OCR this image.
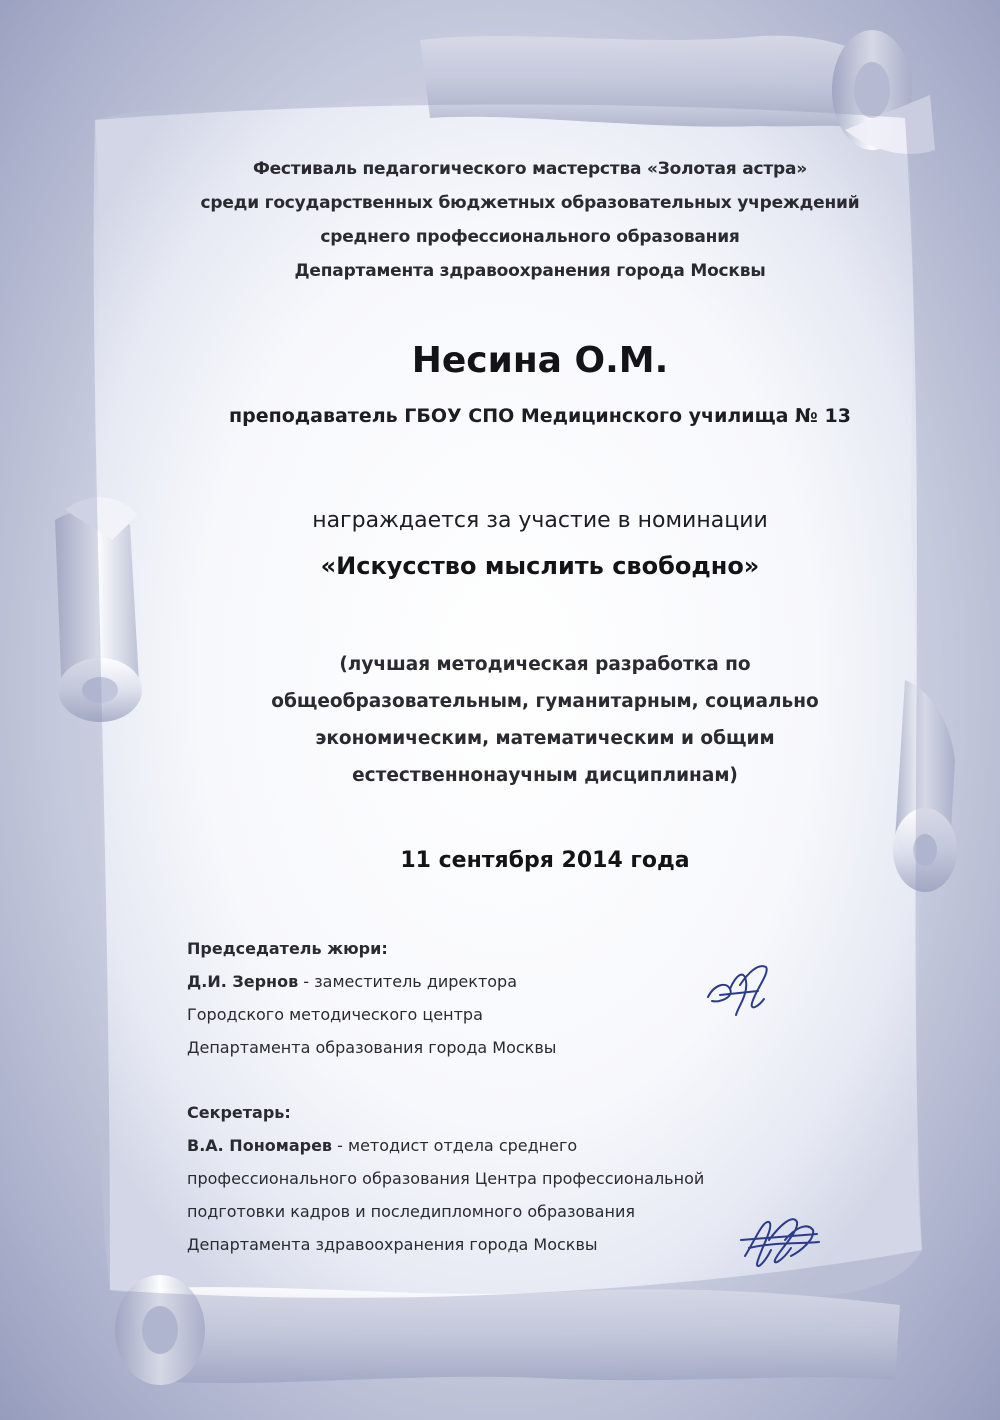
Фестиваль педагогического мастерства «Золотая астра»
среди государственных бюджетных образовательных учреждений
среднего профессионального образования
Департамента здравоохранения города Москвы
Несина О.М.
преподаватель ГБОУ СПО Медицинского училища № 13
награждается за участие в номинации
«Искусство мыслить свободно»
(лучшая методическая разработка по
общеобразовательным, гуманитарным, социально
экономическим, математическим и общим
естественнонаучным дисциплинам)
11 сентября 2014 года
Председатель жюри:
Д.И. Зернов - заместитель директора
Городского методического центра
Департамента образования города Москвы
Секретарь:
В.А. Пономарев - методист отдела среднего
профессионального образования Центра профессиональной
подготовки кадров и последипломного образования
Департамента здравоохранения города Москвы
